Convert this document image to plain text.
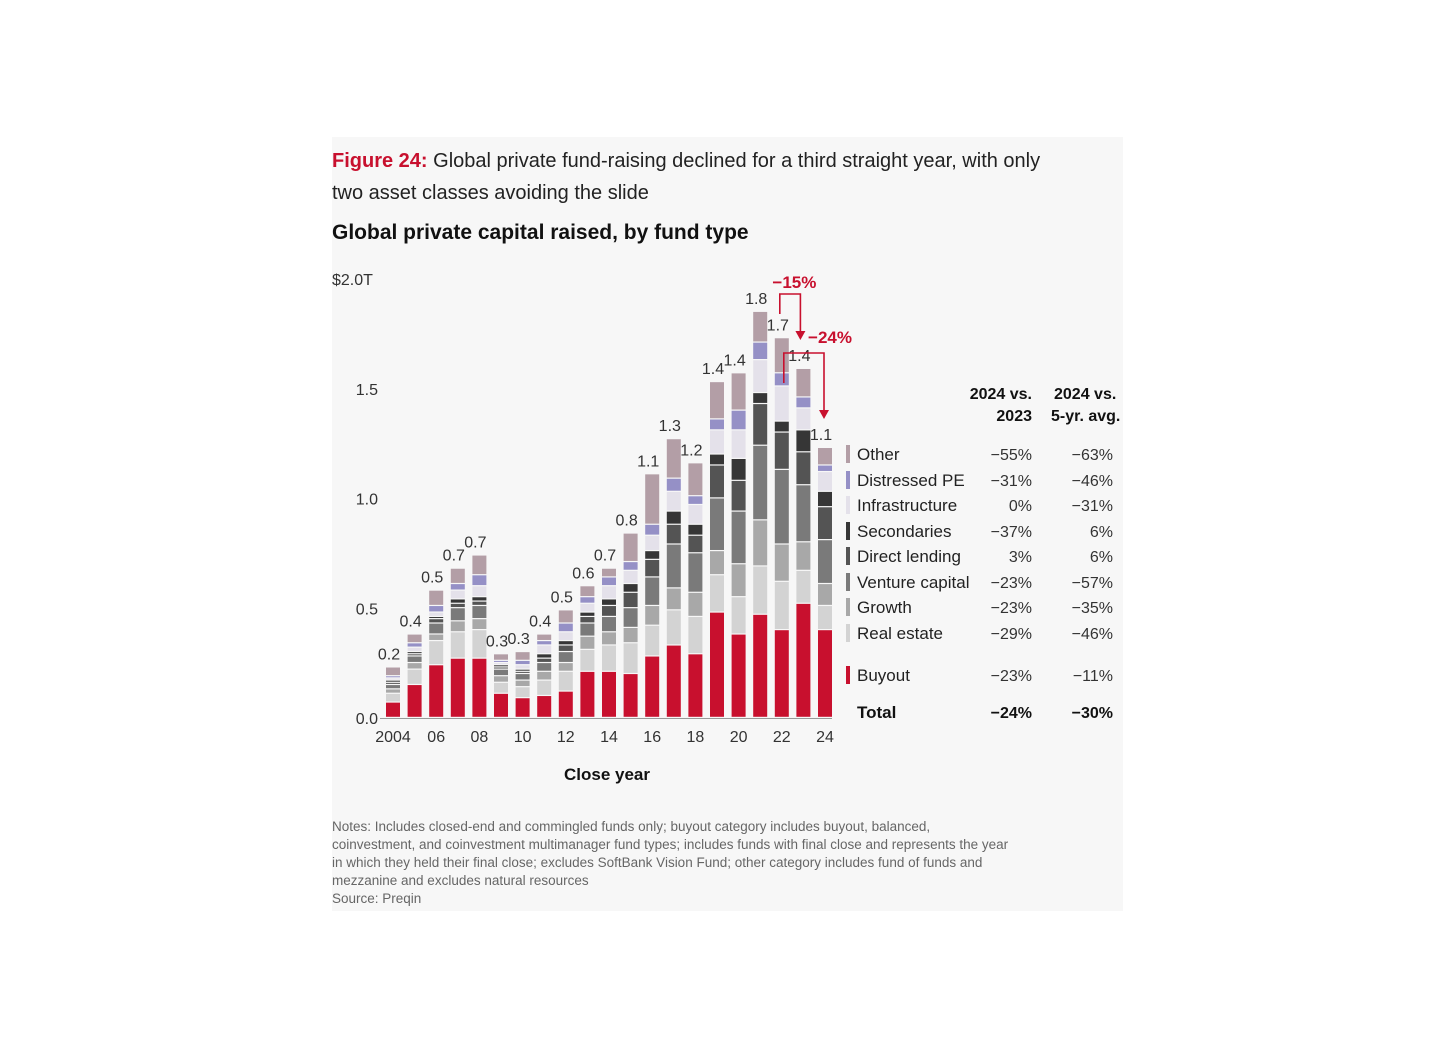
Figure 24: Global private fund-raising declined for a third straight year, with only
two asset classes avoiding the slide
Global private capital raised, by fund type
0.0
0.5
1.0
1.5
$2.0T
0.2
0.4
0.5
0.7
0.7
0.3 0.3
0.4
0.5
0.6
0.7
0.8
1.1
1.3
1.2
1.4
1.4
1.8
1.7
1.4
1.1
2004 06 08 10 12 14 16 18 20 22 24
Close year
−15%
−24%
2024 vs.
2023
2024 vs.
5-yr. avg.
Other	−55% −63%
Distressed PE −31% −46%
Infrastructure	0% −31%
Secondaries −37%	6%
Direct lending	3%	6%
Venture capital −23% −57%
Growth	−23% −35%
Real estate	−29% −46%
Buyout	−23%	−11%
Total	−24% −30%
Notes: Includes closed-end and commingled funds only; buyout category includes buyout, balanced,
coinvestment, and coinvestment multimanager fund types; includes funds with final close and represents the year
in which they held their final close; excludes SoftBank Vision Fund; other category includes fund of funds and
mezzanine and excludes natural resources
Source: Preqin
